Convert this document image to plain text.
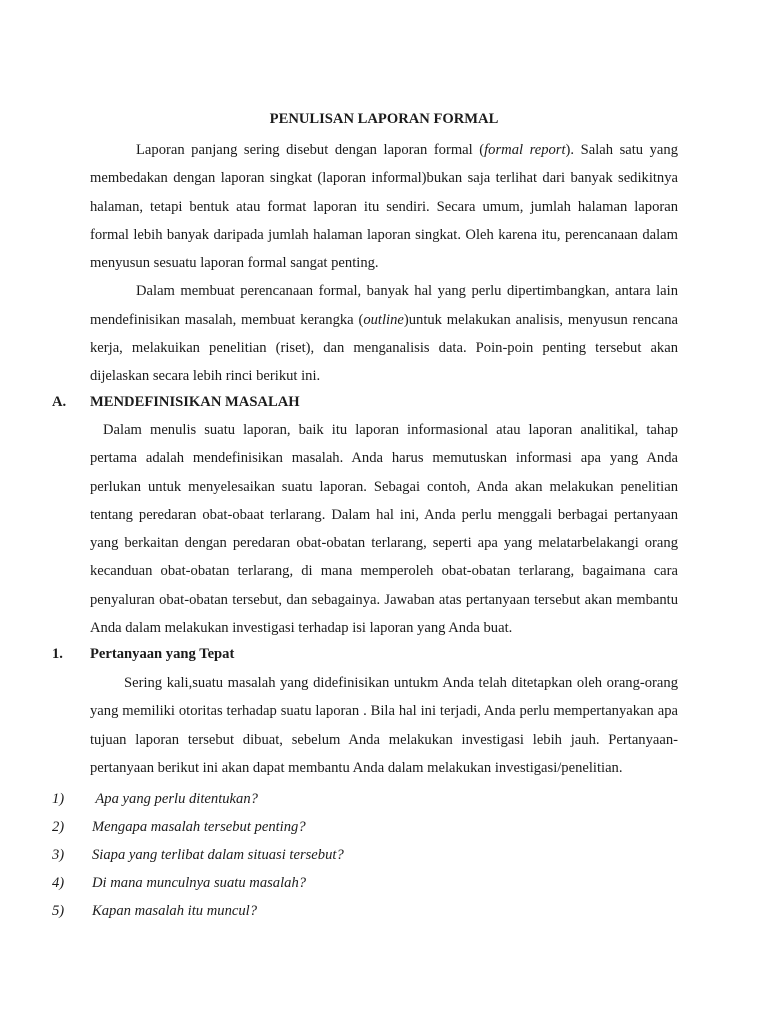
PENULISAN LAPORAN FORMAL

Laporan panjang sering disebut dengan laporan formal (formal report). Salah satu yang membedakan dengan laporan singkat (laporan informal)bukan saja terlihat dari banyak sedikitnya halaman, tetapi bentuk atau format laporan itu sendiri. Secara umum, jumlah halaman laporan formal lebih banyak daripada jumlah halaman laporan singkat. Oleh karena itu, perencanaan dalam menyusun sesuatu laporan formal sangat penting.

Dalam membuat perencanaan formal, banyak hal yang perlu dipertimbangkan, antara lain mendefinisikan masalah, membuat kerangka (outline)untuk melakukan analisis, menyusun rencana kerja, melakuikan penelitian (riset), dan menganalisis data. Poin-poin penting tersebut akan dijelaskan secara lebih rinci berikut ini.

A. MENDEFINISIKAN MASALAH

Dalam menulis suatu laporan, baik itu laporan informasional atau laporan analitikal, tahap pertama adalah mendefinisikan masalah. Anda harus memutuskan informasi apa yang Anda perlukan untuk menyelesaikan suatu laporan. Sebagai contoh, Anda akan melakukan penelitian tentang peredaran obat-obaat terlarang. Dalam hal ini, Anda perlu menggali berbagai pertanyaan yang berkaitan dengan peredaran obat-obatan terlarang, seperti apa yang melatarbelakangi orang kecanduan obat-obatan terlarang, di mana memperoleh obat-obatan terlarang, bagaimana cara penyaluran obat-obatan tersebut, dan sebagainya. Jawaban atas pertanyaan tersebut akan membantu Anda dalam melakukan investigasi terhadap isi laporan yang Anda buat.

1. Pertanyaan yang Tepat

Sering kali,suatu masalah yang didefinisikan untukm Anda telah ditetapkan oleh orang-orang yang memiliki otoritas terhadap suatu laporan . Bila hal ini terjadi, Anda perlu mempertanyakan apa tujuan laporan tersebut dibuat, sebelum Anda melakukan investigasi lebih jauh. Pertanyaan-pertanyaan berikut ini akan dapat membantu Anda dalam melakukan investigasi/penelitian.

1) Apa yang perlu ditentukan?
2) Mengapa masalah tersebut penting?
3) Siapa yang terlibat dalam situasi tersebut?
4) Di mana munculnya suatu masalah?
5) Kapan masalah itu muncul?
